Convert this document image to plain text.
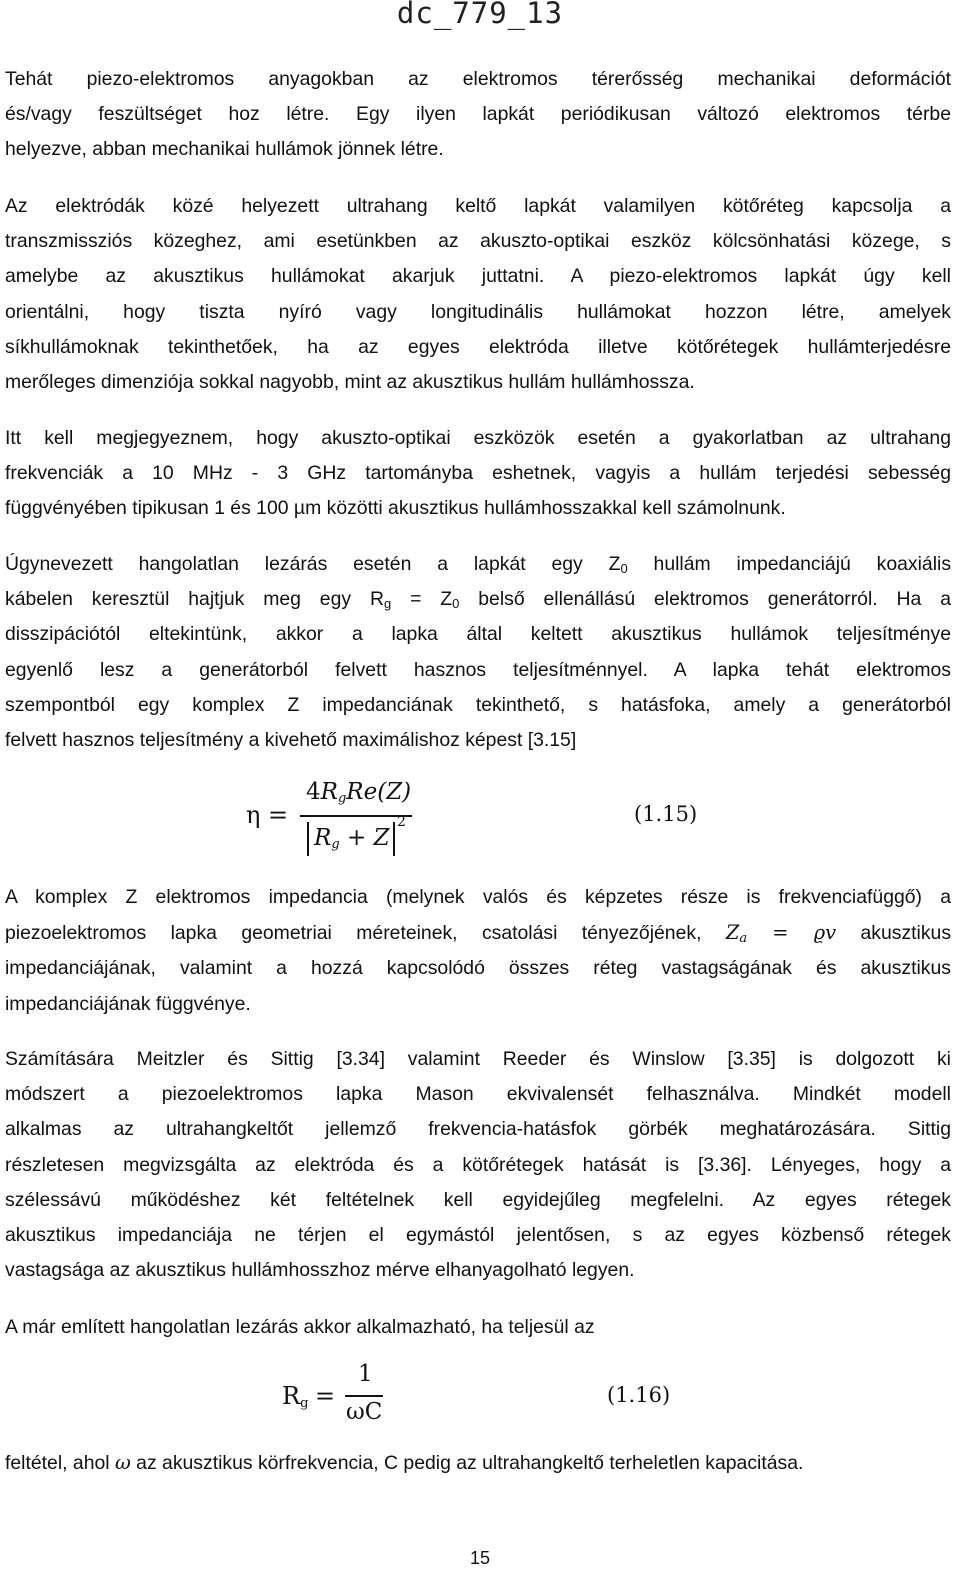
dc_779_13
Tehát piezo-elektromos anyagokban az elektromos térerősség mechanikai deformációt
és/vagy feszültséget hoz létre. Egy ilyen lapkát periódikusan változó elektromos térbe
helyezve, abban mechanikai hullámok jönnek létre.
Az elektródák közé helyezett ultrahang keltő lapkát valamilyen kötőréteg kapcsolja a
transzmissziós közeghez, ami esetünkben az akuszto-optikai eszköz kölcsönhatási közege, s
amelybe az akusztikus hullámokat akarjuk juttatni. A piezo-elektromos lapkát úgy kell
orientálni, hogy tiszta nyíró vagy longitudinális hullámokat hozzon létre, amelyek
síkhullámoknak tekinthetőek, ha az egyes elektróda illetve kötőrétegek hullámterjedésre
merőleges dimenziója sokkal nagyobb, mint az akusztikus hullám hullámhossza.
Itt kell megjegyeznem, hogy akuszto-optikai eszközök esetén a gyakorlatban az ultrahang
frekvenciák a 10 MHz - 3 GHz tartományba eshetnek, vagyis a hullám terjedési sebesség
függvényében tipikusan 1 és 100 µm közötti akusztikus hullámhosszakkal kell számolnunk.
Úgynevezett hangolatlan lezárás esetén a lapkát egy $Z_0$ hullám impedanciájú koaxiális
kábelen keresztül hajtjuk meg egy $R_g = Z_0$ belső ellenállású elektromos generátorról. Ha a
disszipációtól eltekintünk, akkor a lapka által keltett akusztikus hullámok teljesítménye
egyenlő lesz a generátorból felvett hasznos teljesítménnyel. A lapka tehát elektromos
szempontból egy komplex Z impedanciának tekinthető, s hatásfoka, amely a generátorból
felvett hasznos teljesítmény a kivehető maximálishoz képest [3.15]
η =
$4R_gRe(Z)$
$R_g + Z$
2	(1.15)
A komplex Z elektromos impedancia (melynek valós és képzetes része is frekvenciafüggő) a
piezoelektromos lapka geometriai méreteinek, csatolási tényezőjének, $Z_a = ϱv$ akusztikus
impedanciájának, valamint a hozzá kapcsolódó összes réteg vastagságának és akusztikus
impedanciájának függvénye.
Számítására Meitzler és Sittig [3.34] valamint Reeder és Winslow [3.35] is dolgozott ki
módszert a piezoelektromos lapka Mason ekvivalensét felhasználva. Mindkét modell
alkalmas az ultrahangkeltőt jellemző frekvencia-hatásfok görbék meghatározására. Sittig
részletesen megvizsgálta az elektróda és a kötőrétegek hatását is [3.36]. Lényeges, hogy a
szélessávú működéshez két feltételnek kell egyidejűleg megfelelni. Az egyes rétegek
akusztikus impedanciája ne térjen el egymástól jelentősen, s az egyes közbenső rétegek
vastagsága az akusztikus hullámhosszhoz mérve elhanyagolható legyen.
A már említett hangolatlan lezárás akkor alkalmazható, ha teljesül az
$R_g$ =
1
ωC
(1.16)
feltétel, ahol ω az akusztikus körfrekvencia, C pedig az ultrahangkeltő terheletlen kapacitása.
15
